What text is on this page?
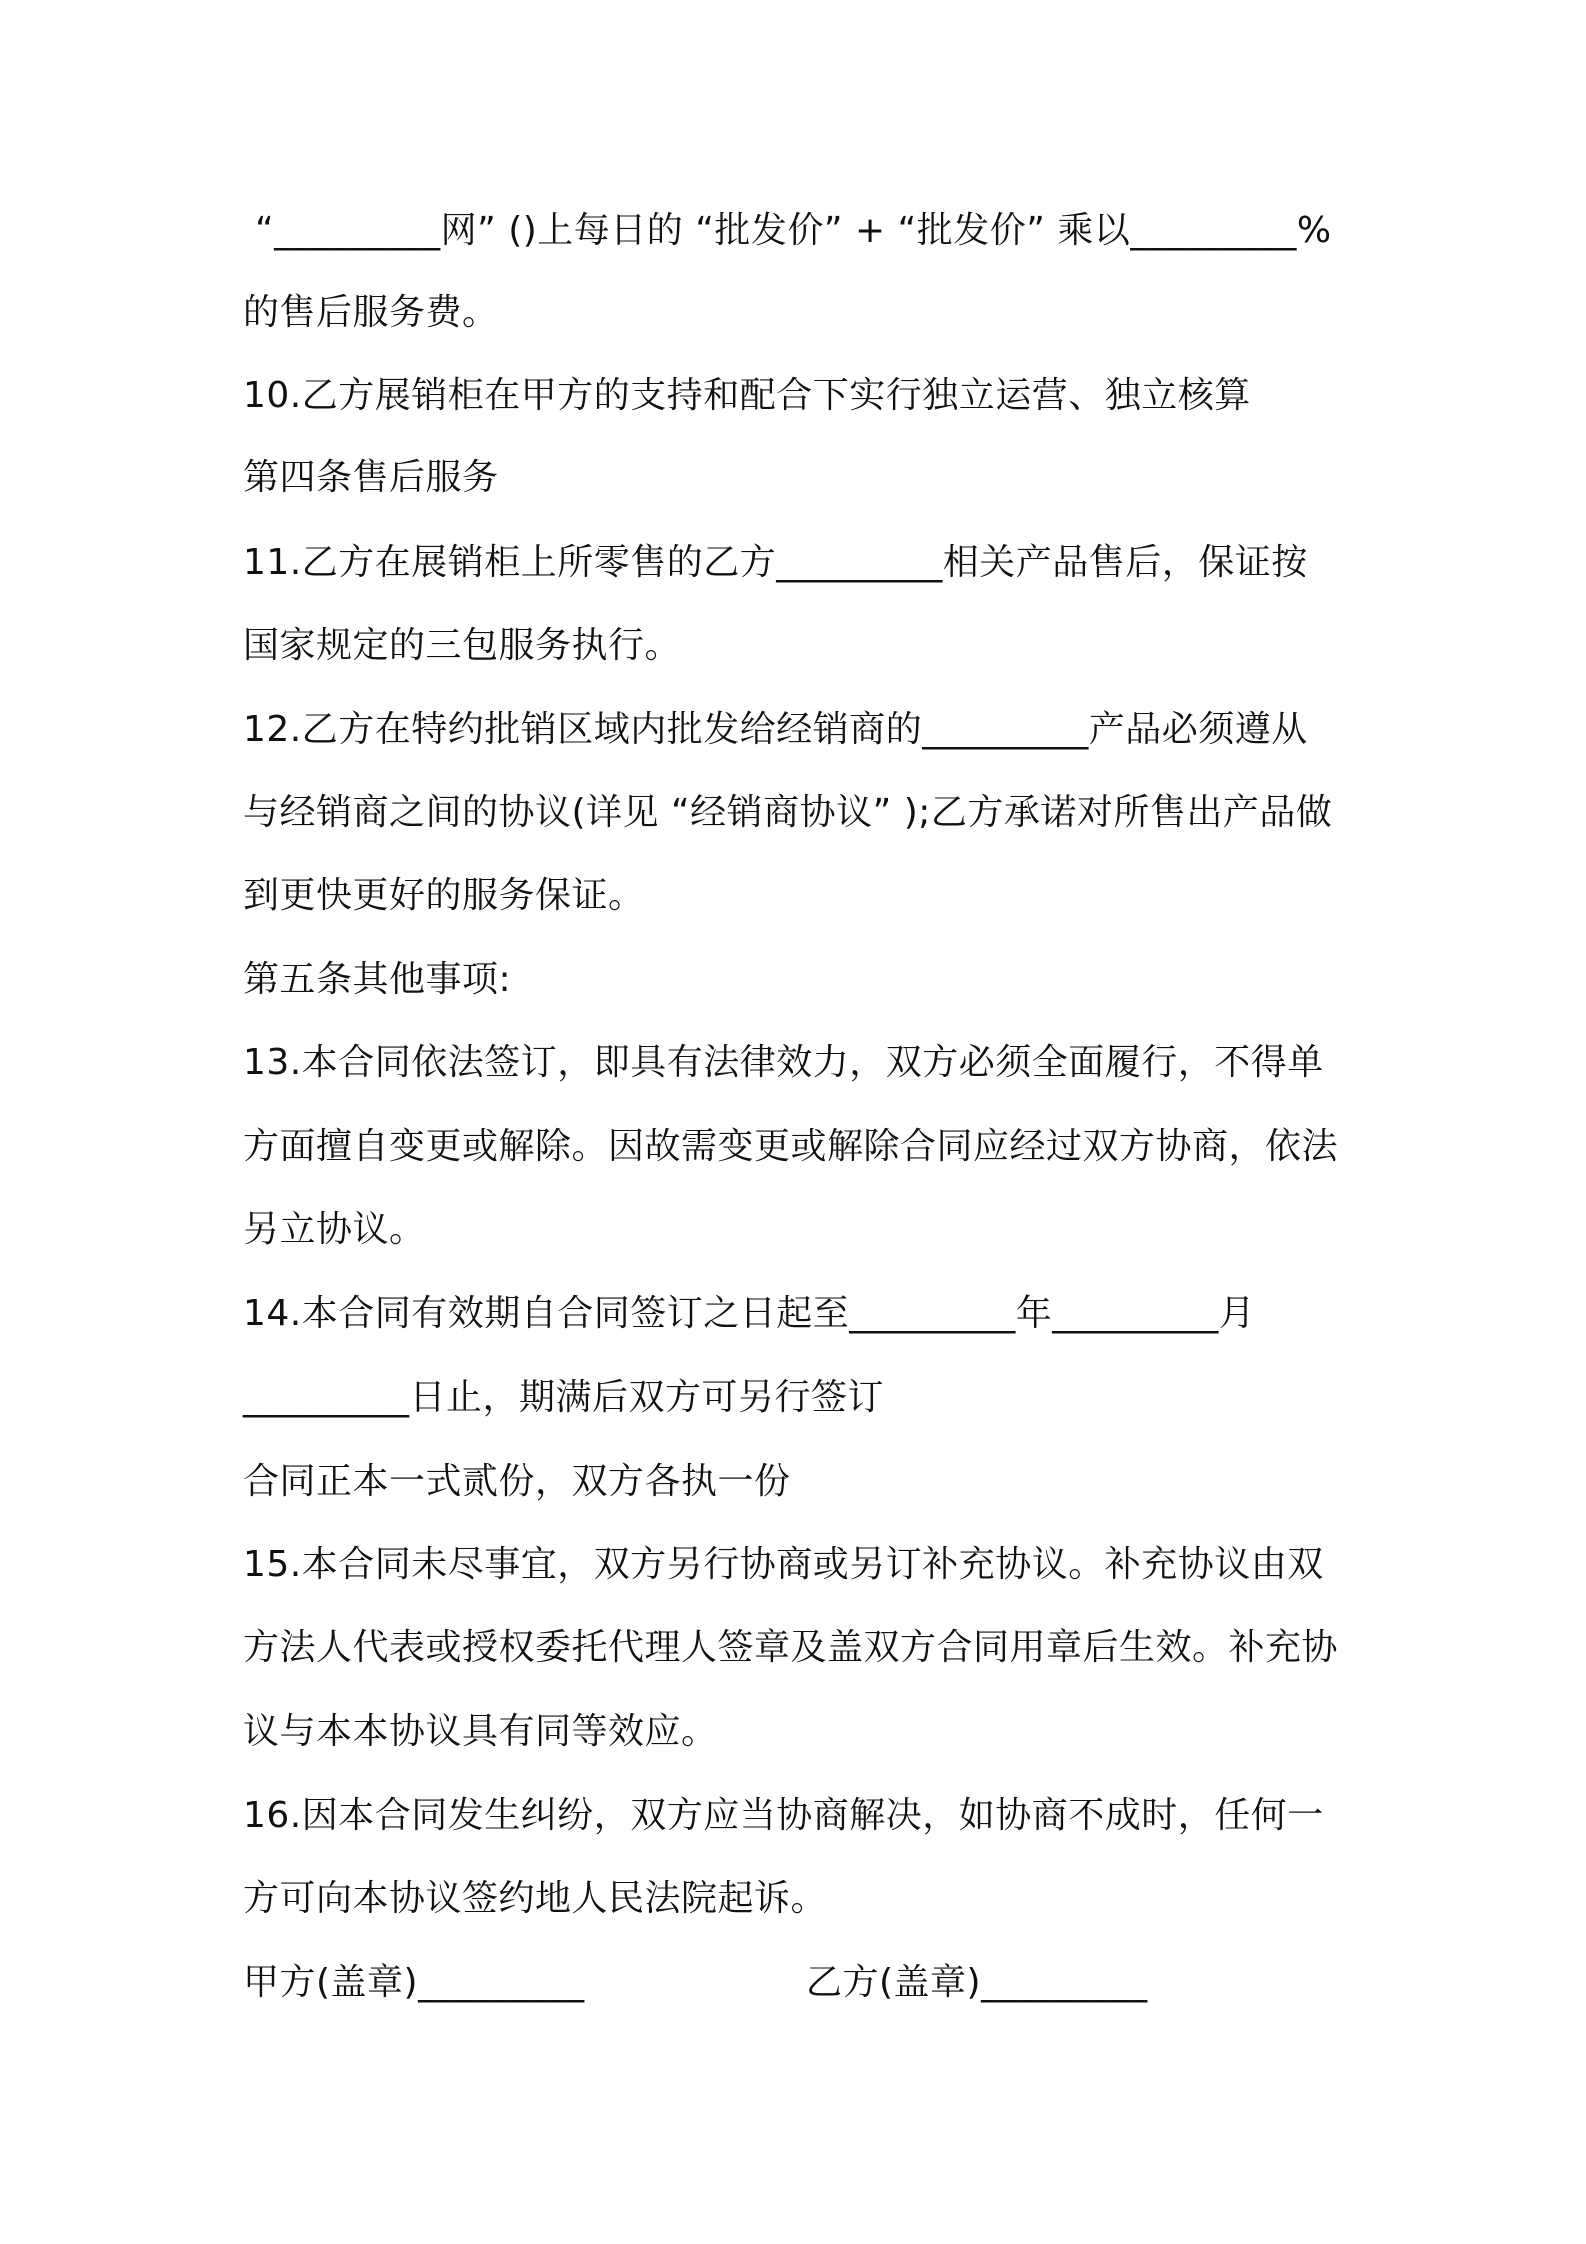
“_________网” ()上每日的 “批发价” + “批发价” 乘以_________%

的售后服务费。

10.乙方展销柜在甲方的支持和配合下实行独立运营、独立核算

第四条售后服务

11.乙方在展销柜上所零售的乙方_________相关产品售后，保证按

国家规定的三包服务执行。

12.乙方在特约批销区域内批发给经销商的_________产品必须遵从

与经销商之间的协议(详见 “经销商协议” );乙方承诺对所售出产品做

到更快更好的服务保证。

第五条其他事项:

13.本合同依法签订，即具有法律效力，双方必须全面履行，不得单

方面擅自变更或解除。因故需变更或解除合同应经过双方协商，依法

另立协议。

14.本合同有效期自合同签订之日起至_________年_________月

_________日止，期满后双方可另行签订

合同正本一式贰份，双方各执一份

15.本合同未尽事宜，双方另行协商或另订补充协议。补充协议由双

方法人代表或授权委托代理人签章及盖双方合同用章后生效。补充协

议与本本协议具有同等效应。

16.因本合同发生纠纷，双方应当协商解决，如协商不成时，任何一

方可向本协议签约地人民法院起诉。

甲方(盖章)_________	乙方(盖章)_________
